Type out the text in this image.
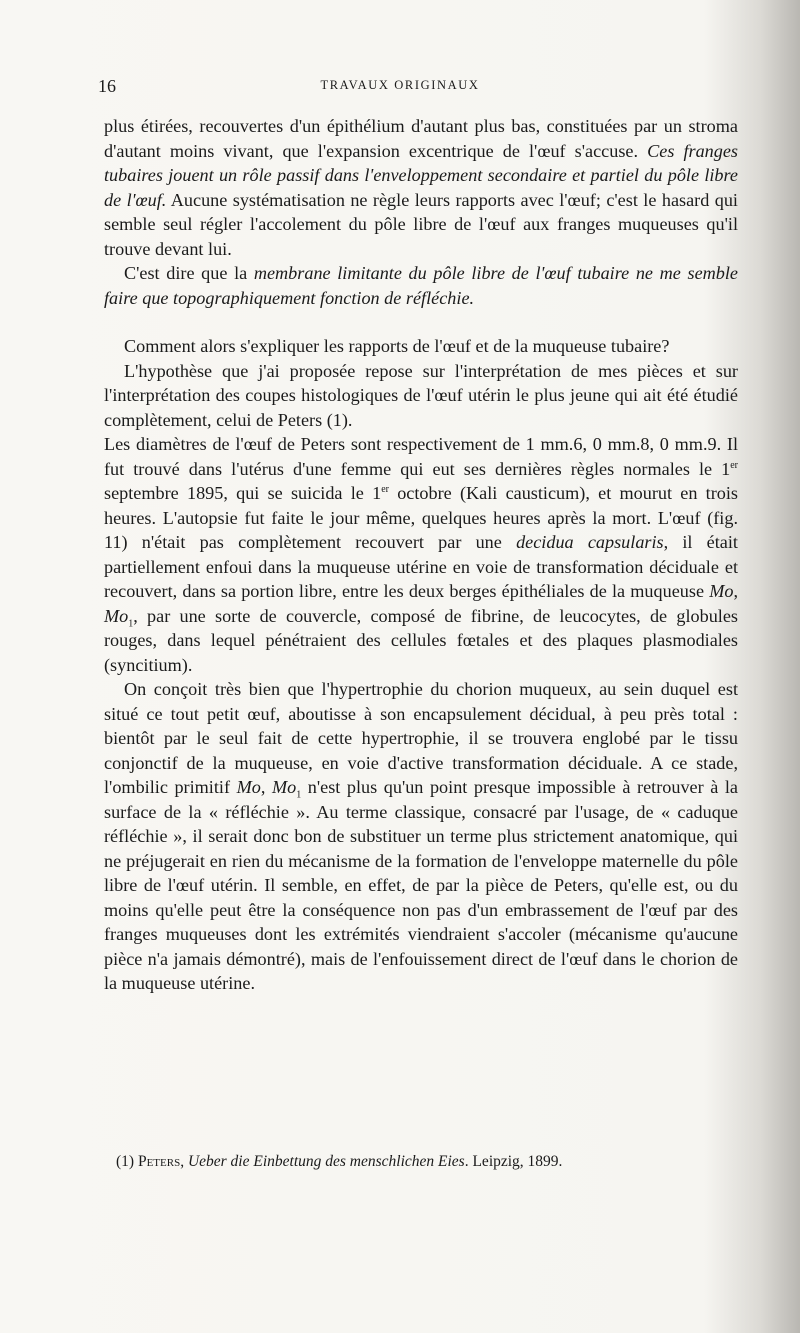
16	TRAVAUX ORIGINAUX

plus étirées, recouvertes d'un épithélium d'autant plus bas, constituées par un stroma d'autant moins vivant, que l'expansion excentrique de l'œuf s'accuse. Ces franges tubaires jouent un rôle passif dans l'enveloppement secondaire et partiel du pôle libre de l'œuf. Aucune systématisation ne règle leurs rapports avec l'œuf; c'est le hasard qui semble seul régler l'accolement du pôle libre de l'œuf aux franges muqueuses qu'il trouve devant lui.

C'est dire que la membrane limitante du pôle libre de l'œuf tubaire ne me semble faire que topographiquement fonction de réfléchie.

Comment alors s'expliquer les rapports de l'œuf et de la muqueuse tubaire?

L'hypothèse que j'ai proposée repose sur l'interprétation de mes pièces et sur l'interprétation des coupes histologiques de l'œuf utérin le plus jeune qui ait été étudié complètement, celui de Peters (1).

Les diamètres de l'œuf de Peters sont respectivement de 1 mm.6, 0 mm.8, 0 mm.9. Il fut trouvé dans l'utérus d'une femme qui eut ses dernières règles normales le 1er septembre 1895, qui se suicida le 1er octobre (Kali causticum), et mourut en trois heures. L'autopsie fut faite le jour même, quelques heures après la mort. L'œuf (fig. 11) n'était pas complètement recouvert par une decidua capsularis, il était partiellement enfoui dans la muqueuse utérine en voie de transformation déciduale et recouvert, dans sa portion libre, entre les deux berges épithéliales de la muqueuse Mo, $Mo_1$, par une sorte de couvercle, composé de fibrine, de leucocytes, de globules rouges, dans lequel pénétraient des cellules fœtales et des plaques plasmodiales (syncitium).

On conçoit très bien que l'hypertrophie du chorion muqueux, au sein duquel est situé ce tout petit œuf, aboutisse à son encapsulement décidual, à peu près total : bientôt par le seul fait de cette hypertrophie, il se trouvera englobé par le tissu conjonctif de la muqueuse, en voie d'active transformation déciduale. A ce stade, l'ombilic primitif Mo, $Mo_1$ n'est plus qu'un point presque impossible à retrouver à la surface de la « réfléchie ». Au terme classique, consacré par l'usage, de « caduque réfléchie », il serait donc bon de substituer un terme plus strictement anatomique, qui ne préjugerait en rien du mécanisme de la formation de l'enveloppe maternelle du pôle libre de l'œuf utérin. Il semble, en effet, de par la pièce de Peters, qu'elle est, ou du moins qu'elle peut être la conséquence non pas d'un embrassement de l'œuf par des franges muqueuses dont les extrémités viendraient s'accoler (mécanisme qu'aucune pièce n'a jamais démontré), mais de l'enfouissement direct de l'œuf dans le chorion de la muqueuse utérine.

(1) Peters, Ueber die Einbettung des menschlichen Eies. Leipzig, 1899.
